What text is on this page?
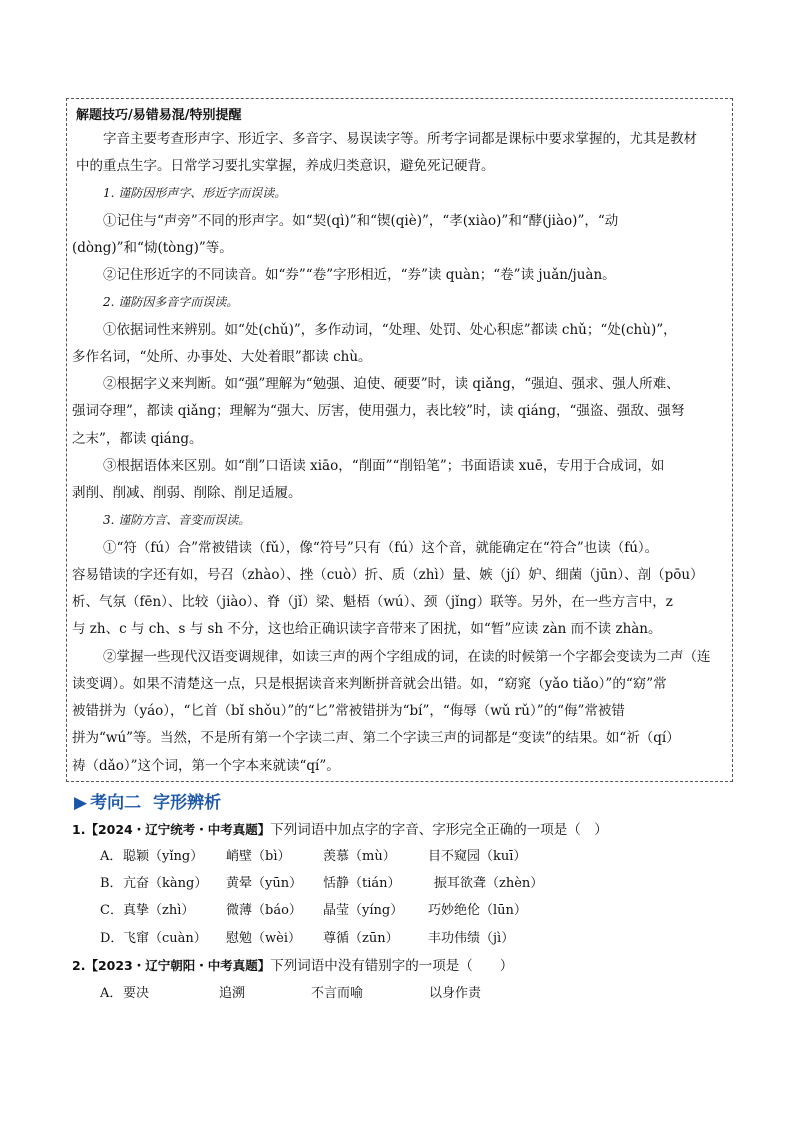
解题技巧/易错易混/特别提醒
字音主要考查形声字、形近字、多音字、易误读字等。所考字词都是课标中要求掌握的，尤其是教材
中的重点生字。日常学习要扎实掌握，养成归类意识，避免死记硬背。
1. 谨防因形声字、形近字而误读。
①记住与“声旁”不同的形声字。如“契(qì)”和“锲(qiè)”，“孝(xiào)”和“酵(jiào)”，“动
(dòng)”和“恸(tòng)”等。
②记住形近字的不同读音。如“券”“卷”字形相近，“券”读 quàn；“卷”读 juǎn/juàn。
2. 谨防因多音字而误读。
①依据词性来辨别。如“处(chǔ)”，多作动词，“处理、处罚、处心积虑”都读 chǔ；“处(chù)”，
多作名词，“处所、办事处、大处着眼”都读 chù。
②根据字义来判断。如“强”理解为“勉强、迫使、硬要”时，读 qiǎng，“强迫、强求、强人所难、
强词夺理”，都读 qiǎng；理解为“强大、厉害，使用强力，表比较”时，读 qiáng，“强盗、强敌、强弩
之末”，都读 qiáng。
③根据语体来区别。如“削”口语读 xiāo，“削面”“削铅笔”；书面语读 xuē，专用于合成词，如
剥削、削减、削弱、削除、削足适履。
3. 谨防方言、音变而误读。
①“符（fú）合”常被错读（fǔ），像“符号”只有（fú）这个音，就能确定在“符合”也读（fú）。
容易错读的字还有如，号召（zhào）、挫（cuò）折、质（zhì）量、嫉（jí）妒、细菌（jūn）、剖（pōu）
析、气氛（fēn）、比较（jiào）、脊（jǐ）梁、魁梧（wú）、颈（jǐng）联等。另外，在一些方言中，z
与 zh、c 与 ch、s 与 sh 不分，这也给正确识读字音带来了困扰，如“暂”应读 zàn 而不读 zhàn。
②掌握一些现代汉语变调规律，如读三声的两个字组成的词，在读的时候第一个字都会变读为二声（连
读变调）。如果不清楚这一点，只是根据读音来判断拼音就会出错。如，“窈窕（yǎo tiǎo）”的“窈”常
被错拼为（yáo），“匕首（bǐ shǒu）”的“匕”常被错拼为“bí”，“侮辱（wǔ rǔ）”的“侮”常被错
拼为“wú”等。当然，不是所有第一个字读二声、第二个字读三声的词都是“变读”的结果。如“祈（qí）
祷（dǎo）”这个词，第一个字本来就读“qí”。
▶ 考向二 字形辨析
1.【2024・辽宁统考・中考真题】下列词语中加点字的字音、字形完全正确的一项是（　）
A． 聪颖（yǐng） 峭壁（bì）	羡慕（mù） 目不窥园（kuī）
B． 亢奋（kàng） 黄晕（yūn） 恬静（tián）	振耳欲聋（zhèn）
C． 真挚（zhì） 微薄（báo） 晶莹（yíng） 巧妙绝伦（lūn）
D． 飞窜（cuàn） 慰勉（wèi） 尊循（zūn） 丰功伟绩（jì）
2.【2023・辽宁朝阳・中考真题】下列词语中没有错别字的一项是（　　）
A． 要决	追溯	不言而喻	以身作责
